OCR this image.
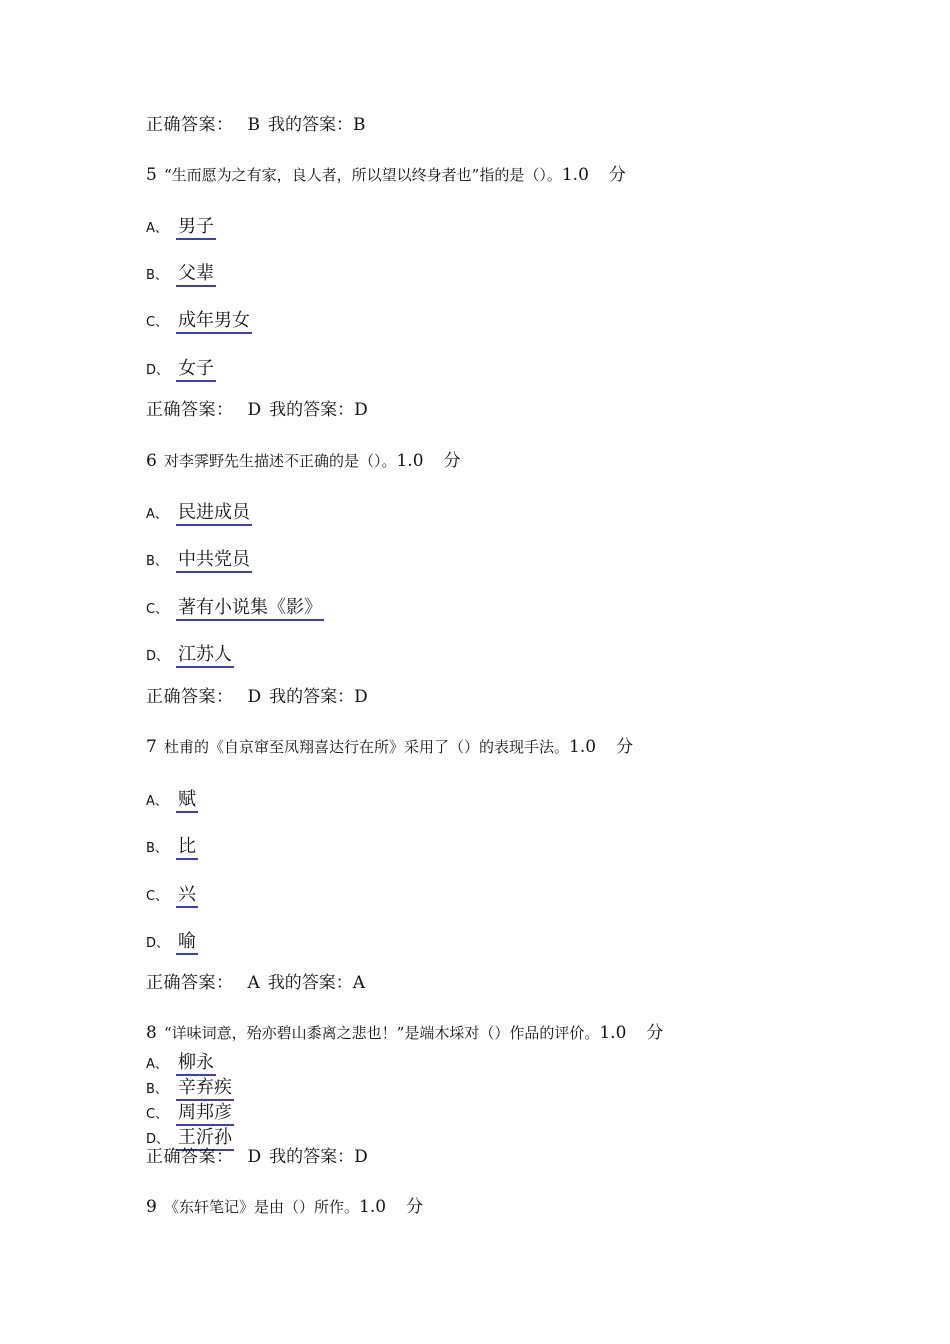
正确答案： B 我的答案：B
5 “生而愿为之有家，良人者，所以望以终身者也”指的是（）。1.0 分
A、 男子
B、 父辈
C、 成年男女
D、 女子
正确答案： D 我的答案：D
6 对李霁野先生描述不正确的是（）。1.0 分
A、 民进成员
B、 中共党员
C、 著有小说集《影》
D、 江苏人
正确答案： D 我的答案：D
7 杜甫的《自京窜至凤翔喜达行在所》采用了（）的表现手法。1.0 分
A、 赋
B、 比
C、 兴
D、 喻
正确答案： A 我的答案：A
8 “详味词意，殆亦碧山黍离之悲也！”是端木埰对（）作品的评价。1.0 分
A、 柳永
B、 辛弃疾
C、 周邦彦
D、 王沂孙
正确答案： D 我的答案：D
9 《东轩笔记》是由（）所作。1.0 分
